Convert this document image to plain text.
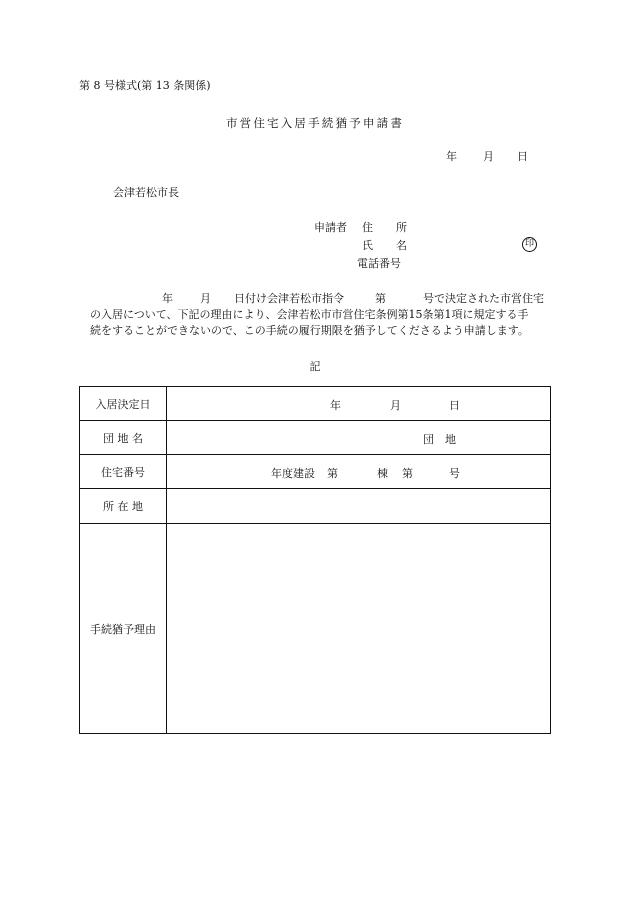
第 8 号様式(第 13 条関係)
市営住宅入居手続猶予申請書
年 月 日
会津若松市長
申請者 住 所
氏 名
電話番号
印
年 月 日付け会津若松市指令	第	号で決定された市営住宅
の入居について、下記の理由により、会津若松市市営住宅条例第15条第1項に規定する手
続をすることができないので、この手続の履行期限を猶予してくださるよう申請します。
記
入居決定日	年 月 日

団 地 名	団　地

住宅番号	年度建設 第 棟 第 号

所 在 地	
手続猶予理由	
